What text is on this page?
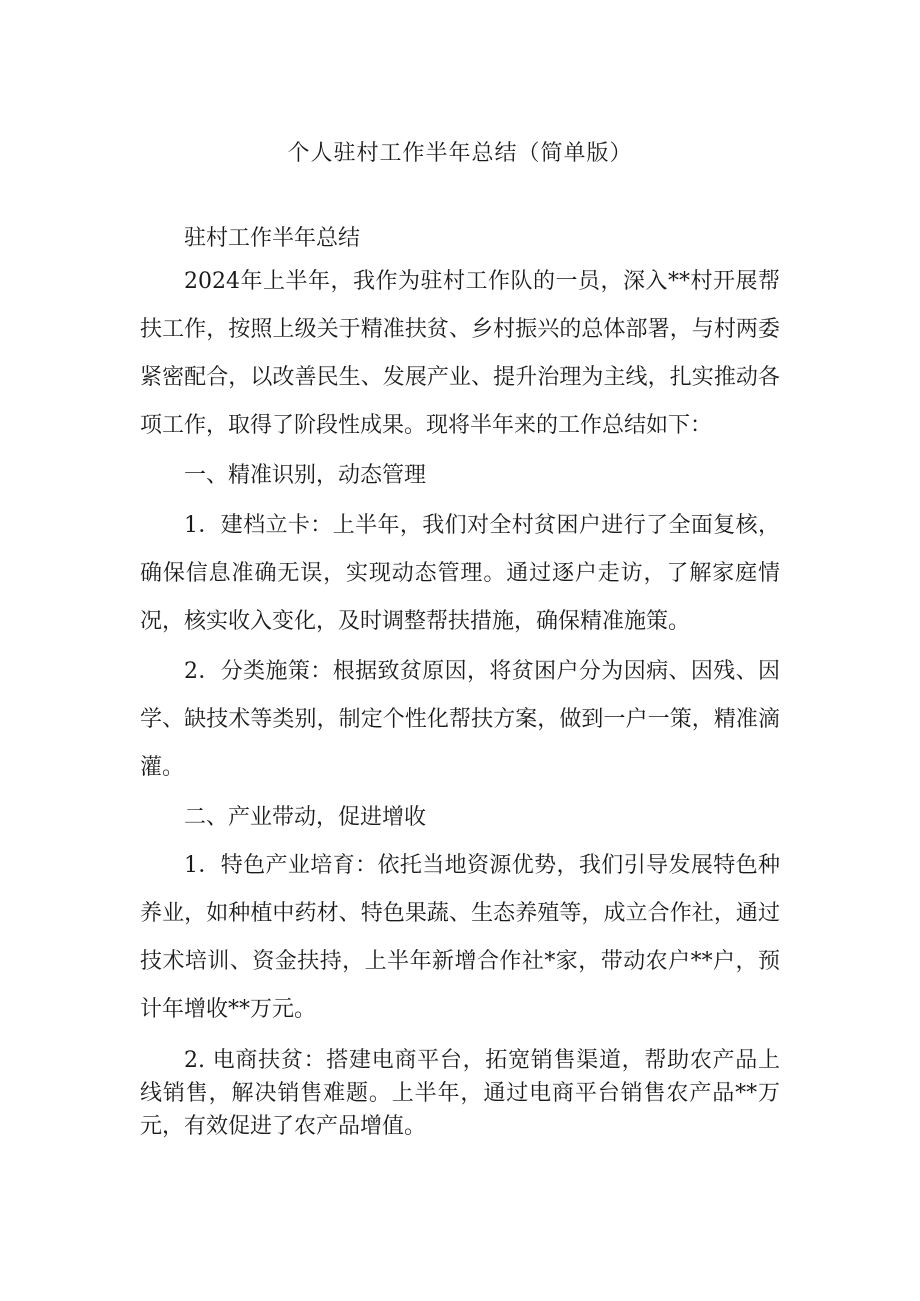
个人驻村工作半年总结（简单版）

驻村工作半年总结

2024年上半年，我作为驻村工作队的一员，深入**村开展帮扶工作，按照上级关于精准扶贫、乡村振兴的总体部署，与村两委紧密配合，以改善民生、发展产业、提升治理为主线，扎实推动各项工作，取得了阶段性成果。现将半年来的工作总结如下：

一、精准识别，动态管理

1．建档立卡：上半年，我们对全村贫困户进行了全面复核，确保信息准确无误，实现动态管理。通过逐户走访，了解家庭情况，核实收入变化，及时调整帮扶措施，确保精准施策。

2．分类施策：根据致贫原因，将贫困户分为因病、因残、因学、缺技术等类别，制定个性化帮扶方案，做到一户一策，精准滴灌。

二、产业带动，促进增收

1．特色产业培育：依托当地资源优势，我们引导发展特色种养业，如种植中药材、特色果蔬、生态养殖等，成立合作社，通过技术培训、资金扶持，上半年新增合作社*家，带动农户**户，预计年增收**万元。

2. 电商扶贫：搭建电商平台，拓宽销售渠道，帮助农产品上线销售，解决销售难题。上半年，通过电商平台销售农产品**万元，有效促进了农产品增值。
